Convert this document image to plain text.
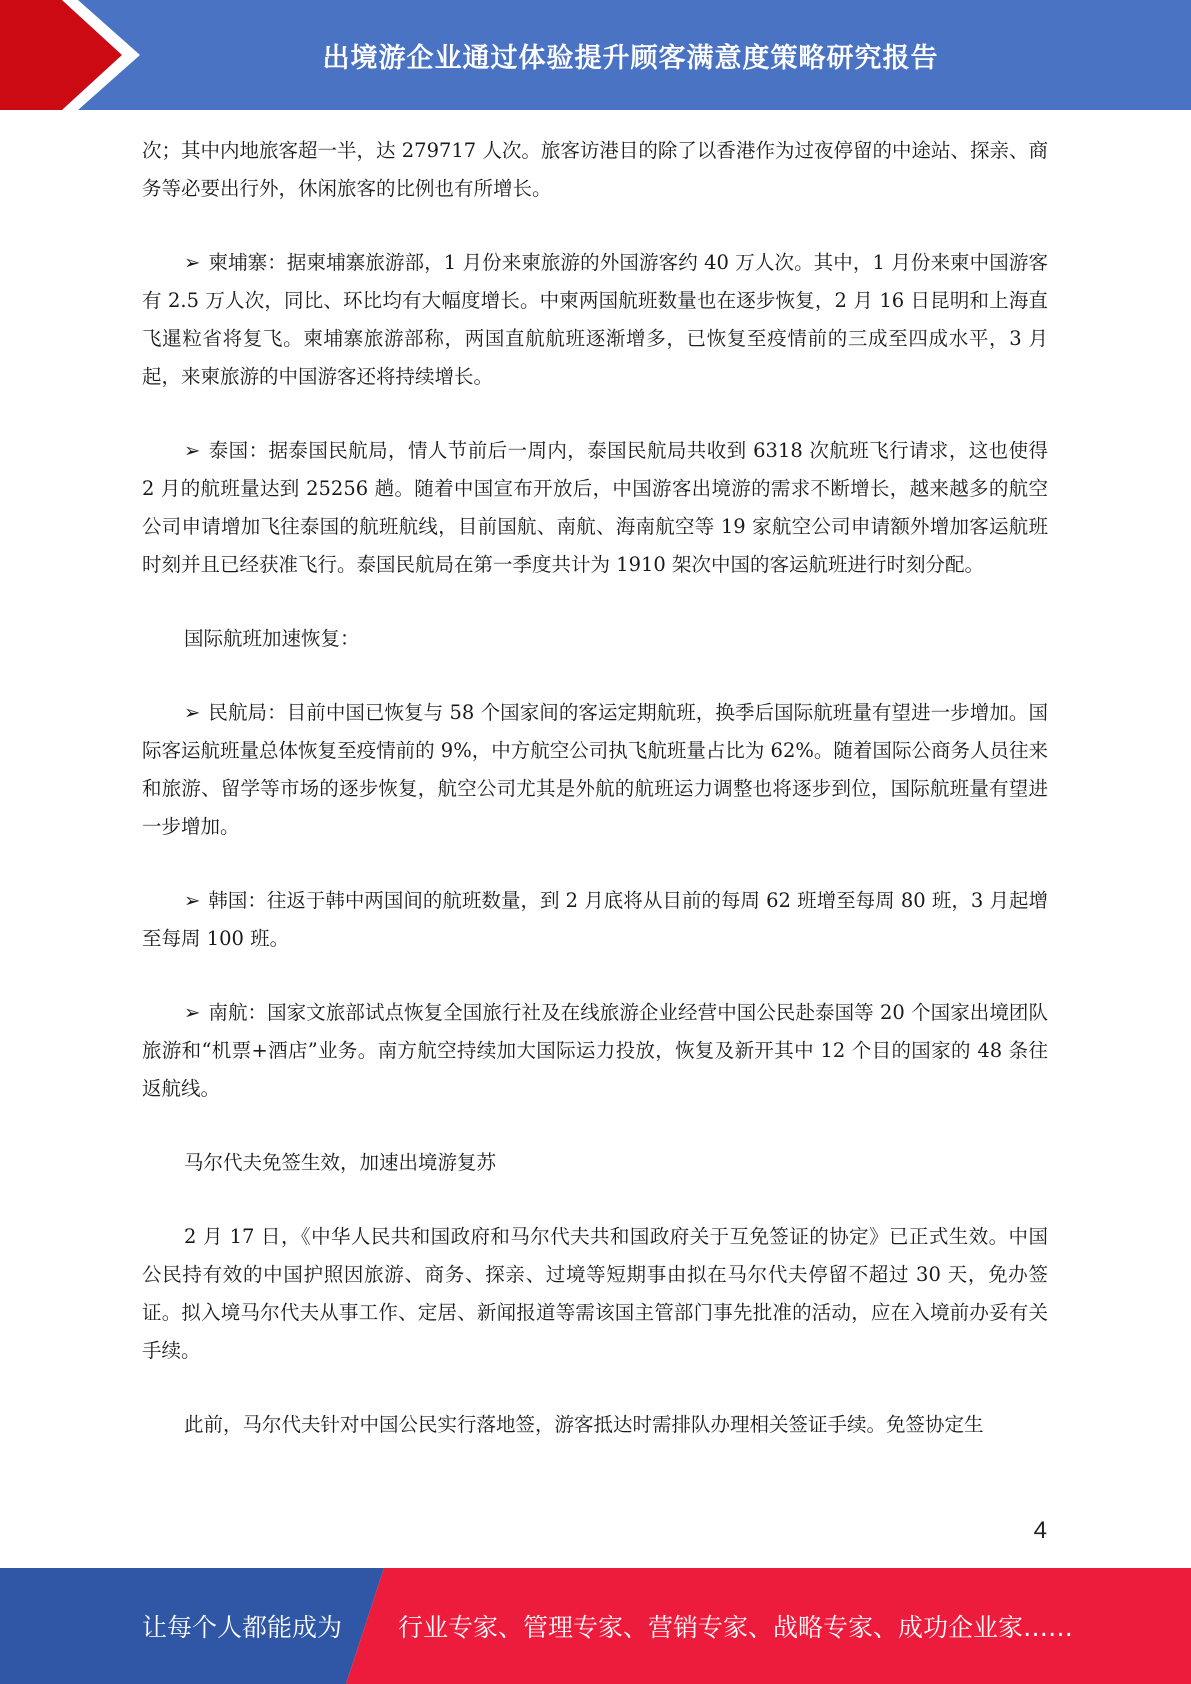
出境游企业通过体验提升顾客满意度策略研究报告

次；其中内地旅客超一半，达 279717 人次。旅客访港目的除了以香港作为过夜停留的中途站、探亲、商务等必要出行外，休闲旅客的比例也有所增长。

➢ 柬埔寨：据柬埔寨旅游部，1 月份来柬旅游的外国游客约 40 万人次。其中，1 月份来柬中国游客有 2.5 万人次，同比、环比均有大幅度增长。中柬两国航班数量也在逐步恢复，2 月 16 日昆明和上海直飞暹粒省将复飞。柬埔寨旅游部称，两国直航航班逐渐增多，已恢复至疫情前的三成至四成水平，3 月起，来柬旅游的中国游客还将持续增长。

➢ 泰国：据泰国民航局，情人节前后一周内，泰国民航局共收到 6318 次航班飞行请求，这也使得 2 月的航班量达到 25256 趟。随着中国宣布开放后，中国游客出境游的需求不断增长，越来越多的航空公司申请增加飞往泰国的航班航线，目前国航、南航、海南航空等 19 家航空公司申请额外增加客运航班时刻并且已经获准飞行。泰国民航局在第一季度共计为 1910 架次中国的客运航班进行时刻分配。

国际航班加速恢复：

➢ 民航局：目前中国已恢复与 58 个国家间的客运定期航班，换季后国际航班量有望进一步增加。国际客运航班量总体恢复至疫情前的 9%，中方航空公司执飞航班量占比为 62%。随着国际公商务人员往来和旅游、留学等市场的逐步恢复，航空公司尤其是外航的航班运力调整也将逐步到位，国际航班量有望进一步增加。

➢ 韩国：往返于韩中两国间的航班数量，到 2 月底将从目前的每周 62 班增至每周 80 班，3 月起增至每周 100 班。

➢ 南航：国家文旅部试点恢复全国旅行社及在线旅游企业经营中国公民赴泰国等 20 个国家出境团队旅游和“机票+酒店”业务。南方航空持续加大国际运力投放，恢复及新开其中 12 个目的国家的 48 条往返航线。

马尔代夫免签生效，加速出境游复苏

2 月 17 日，《中华人民共和国政府和马尔代夫共和国政府关于互免签证的协定》已正式生效。中国公民持有效的中国护照因旅游、商务、探亲、过境等短期事由拟在马尔代夫停留不超过 30 天，免办签证。拟入境马尔代夫从事工作、定居、新闻报道等需该国主管部门事先批准的活动，应在入境前办妥有关手续。

此前，马尔代夫针对中国公民实行落地签，游客抵达时需排队办理相关签证手续。免签协定生

4
让每个人都能成为 行业专家、管理专家、营销专家、战略专家、成功企业家……
